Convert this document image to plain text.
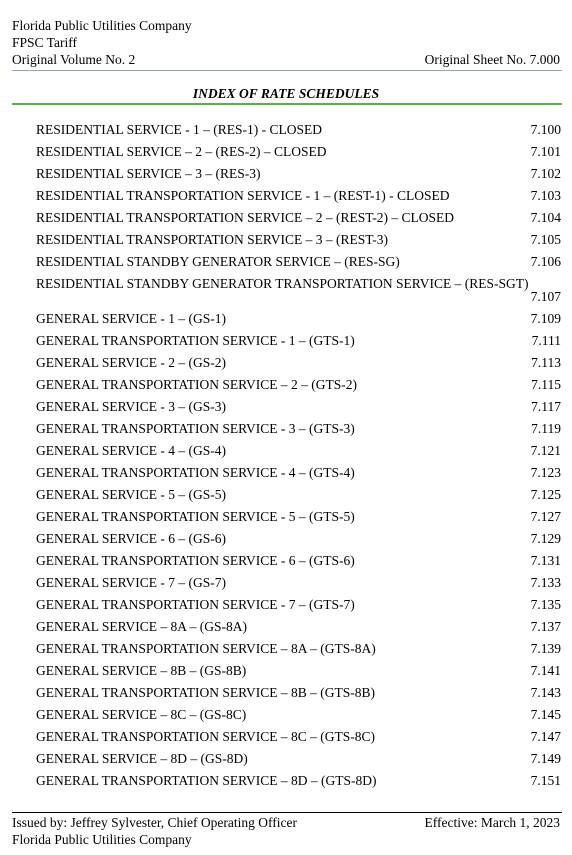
Florida Public Utilities Company
FPSC Tariff
Original Volume No. 2	Original Sheet No. 7.000
INDEX OF RATE SCHEDULES
RESIDENTIAL SERVICE - 1 – (RES-1) - CLOSED	7.100
RESIDENTIAL SERVICE – 2 – (RES-2) – CLOSED	7.101
RESIDENTIAL SERVICE – 3 – (RES-3)	7.102
RESIDENTIAL TRANSPORTATION SERVICE - 1 – (REST-1) - CLOSED	7.103
RESIDENTIAL TRANSPORTATION SERVICE – 2 – (REST-2) – CLOSED	7.104
RESIDENTIAL TRANSPORTATION SERVICE – 3 – (REST-3)	7.105
RESIDENTIAL STANDBY GENERATOR SERVICE – (RES-SG)	7.106
RESIDENTIAL STANDBY GENERATOR TRANSPORTATION SERVICE – (RES-SGT)
7.107
GENERAL SERVICE - 1 – (GS-1)	7.109
GENERAL TRANSPORTATION SERVICE - 1 – (GTS-1)	7.111
GENERAL SERVICE - 2 – (GS-2)	7.113
GENERAL TRANSPORTATION SERVICE – 2 – (GTS-2)	7.115
GENERAL SERVICE - 3 – (GS-3)	7.117
GENERAL TRANSPORTATION SERVICE - 3 – (GTS-3)	7.119
GENERAL SERVICE - 4 – (GS-4)	7.121
GENERAL TRANSPORTATION SERVICE - 4 – (GTS-4)	7.123
GENERAL SERVICE - 5 – (GS-5)	7.125
GENERAL TRANSPORTATION SERVICE - 5 – (GTS-5)	7.127
GENERAL SERVICE - 6 – (GS-6)	7.129
GENERAL TRANSPORTATION SERVICE - 6 – (GTS-6)	7.131
GENERAL SERVICE - 7 – (GS-7)	7.133
GENERAL TRANSPORTATION SERVICE - 7 – (GTS-7)	7.135
GENERAL SERVICE – 8A – (GS-8A)	7.137
GENERAL TRANSPORTATION SERVICE – 8A – (GTS-8A)	7.139
GENERAL SERVICE – 8B – (GS-8B)	7.141
GENERAL TRANSPORTATION SERVICE – 8B – (GTS-8B)	7.143
GENERAL SERVICE – 8C – (GS-8C)	7.145
GENERAL TRANSPORTATION SERVICE – 8C – (GTS-8C)	7.147
GENERAL SERVICE – 8D – (GS-8D)	7.149
GENERAL TRANSPORTATION SERVICE – 8D – (GTS-8D)	7.151
Issued by: Jeffrey Sylvester, Chief Operating Officer
Florida Public Utilities Company
Effective: March 1, 2023
